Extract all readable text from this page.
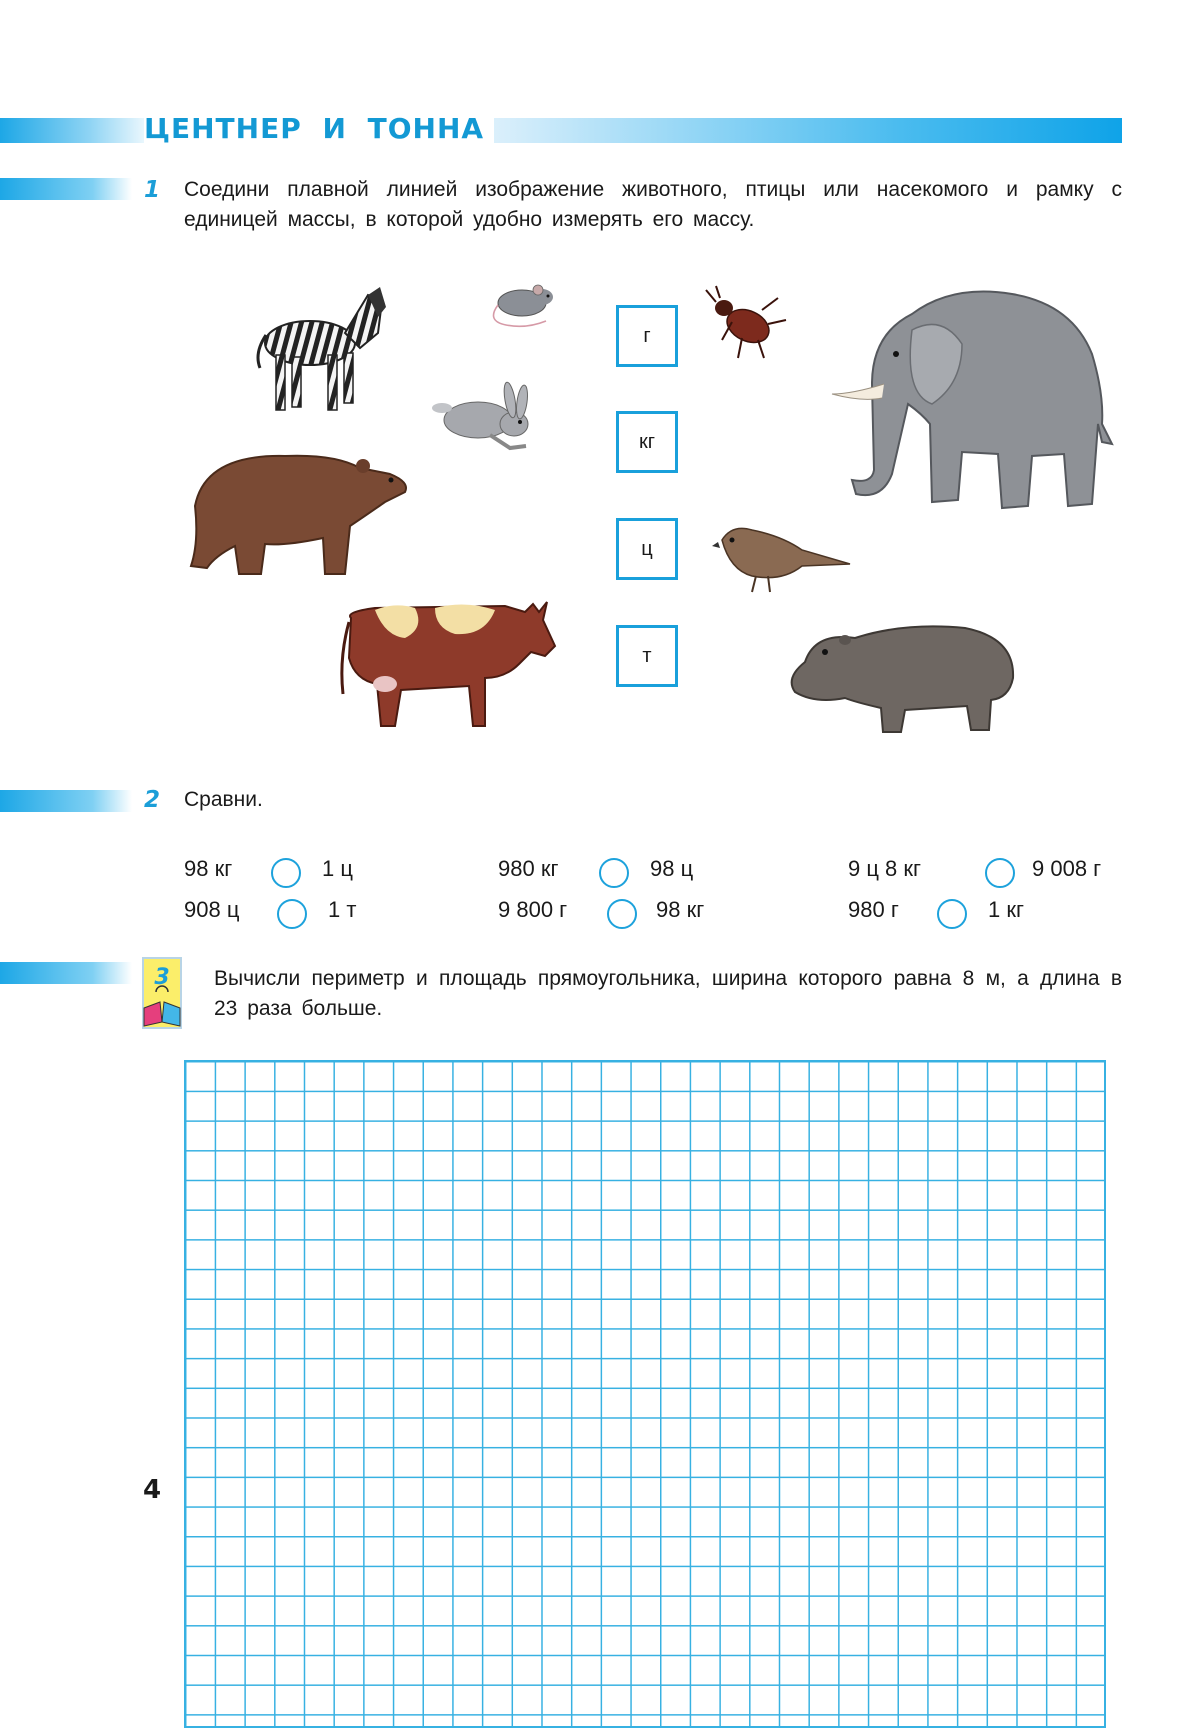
ЦЕНТНЕР И ТОННА
1 Соедини плавной линией изображение животного, птицы или насекомого и рамку с единицей массы, в которой удобно измерять его массу.
г
кг
ц
т
2 Сравни.
98 кг	1 ц	980 кг	98 ц	9 ц 8 кг	9 008 г
908 ц	1 т	9 800 г	98 кг	980 г	1 кг
3 Вычисли периметр и площадь прямоугольника, ширина которого равна 8 м, а длина в 23 раза больше.
4
